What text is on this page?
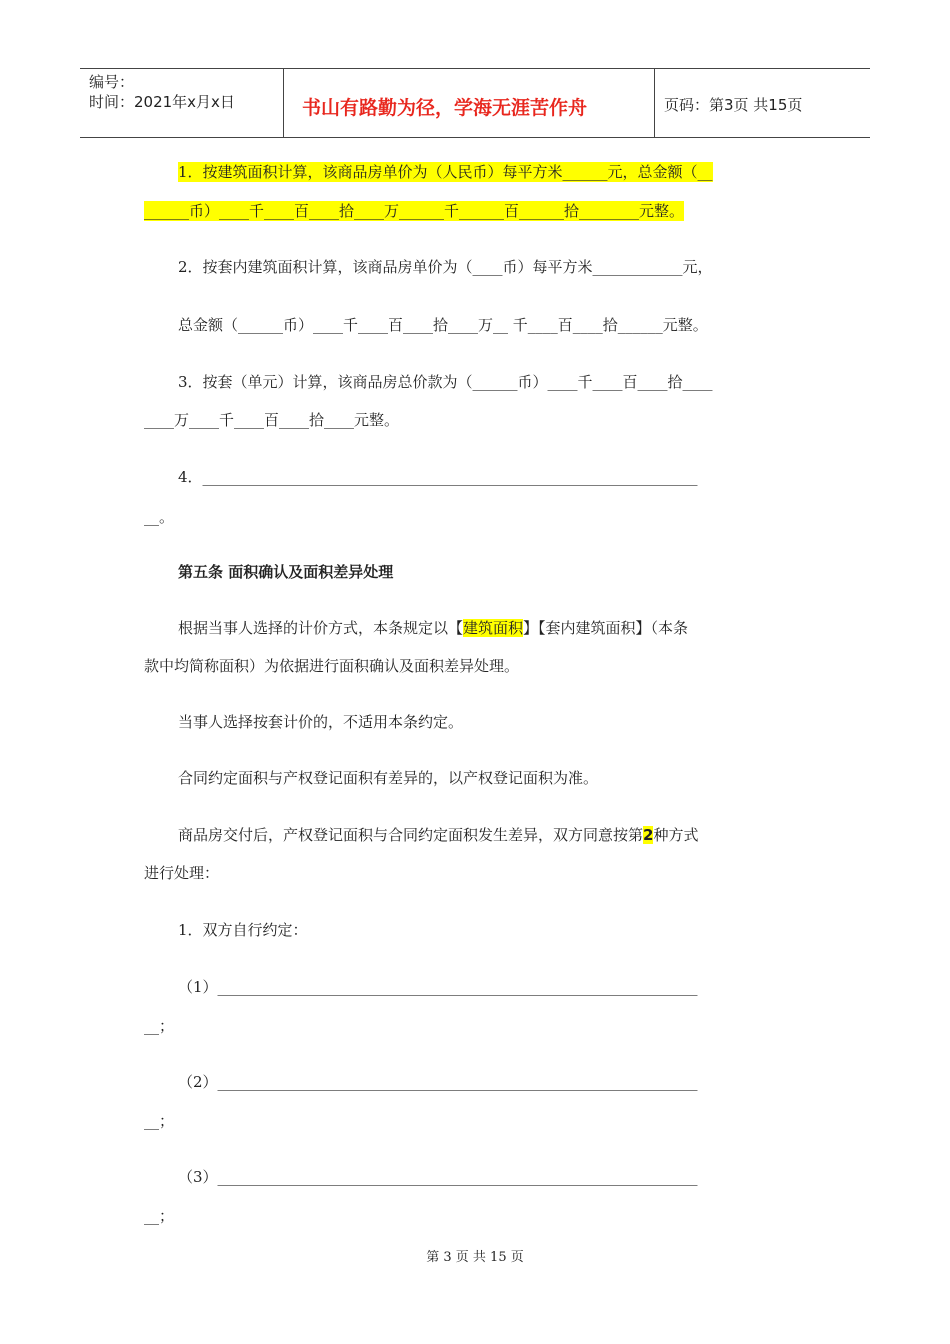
编号：
时间：2021年x月x日	书山有路勤为径，学海无涯苦作舟	页码：第3页 共15页
1．按建筑面积计算，该商品房单价为（人民币）每平方米______元，总金额（__
______币）____千____百____拾____万______千______百______拾________元整。
2．按套内建筑面积计算，该商品房单价为（____币）每平方米____________元，
总金额（______币）____千____百____拾____万__ 千____百____拾______元整。
3．按套（单元）计算，该商品房总价款为（______币）____千____百____拾____
____万____千____百____拾____元整。
4．__________________________________________________________________
__。
第五条 面积确认及面积差异处理
根据当事人选择的计价方式，本条规定以【建筑面积】【套内建筑面积】（本条
款中均简称面积）为依据进行面积确认及面积差异处理。
当事人选择按套计价的，不适用本条约定。
合同约定面积与产权登记面积有差异的，以产权登记面积为准。
商品房交付后，产权登记面积与合同约定面积发生差异，双方同意按第2种方式
进行处理：
1．双方自行约定：
（1）________________________________________________________________
__；
（2）________________________________________________________________
__；
（3）________________________________________________________________
__；
第 3 页 共 15 页
